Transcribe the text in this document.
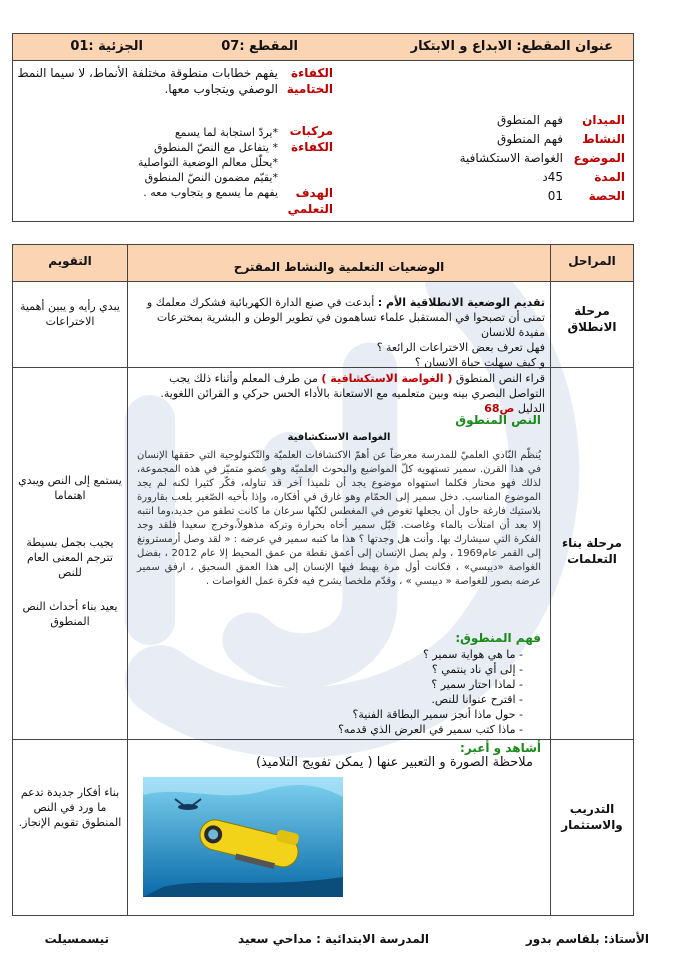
عنوان المقطع: الابداع و الابتكار
المقطع :07
الجزئية :01
الكفاءة الختامية
يفهم خطابات منطوقة مختلفة الأنماط، لا سيما النمط الوصفي ويتجاوب معها.
الميدانفهم المنطوق
النشاطفهم المنطوق
الموضوعالغواصة الاستكشافية
المدة45د
الحصة01
مركبات الكفاءة
*يردّ استجابة لما يسمع
* يتفاعل مع النصّ المنطوق
*يحلّل معالم الوضعية التواصلية
*يقيّم مضمون النصّ المنطوق
يفهم ما يسمع و يتجاوب معه .	الهدف التعلمي
المراحل
الوضعيات التعلمية والنشاط المقترح
التقويم
مرحلة الانطلاق
تقديم الوضعية الانطلاقية الأم : أبدعت في صنع الدارة الكهربائية فشكرك معلمك و تمنى أن تصبحوا في المستقبل علماء تساهمون في تطوير الوطن و البشرية بمخترعات مفيدة للانسان
فهل تعرف بعض الاختراعات الرائعة ؟
و كيف سهلت حياة الانسان ؟
يبدي رأيه و يبين أهمية الاختراعات
مرحلة بناء التعلمات
قراء النص المنطوق ( الغواصة الاستكشافية ) من طرف المعلم وأثناء ذلك يجب التواصل البصري بينه وبين متعلميه مع الاستعانة بالأداء الحس حركي و القرائن اللغوية.
الدليل ص68
النص المنطوق
الغواصة الاستكشافية
يُنظّم النّادي العلميّ للمدرسة معرضاً عن أهمّ الاكتشافات العلميّة والتّكنولوجية التي حققها الإنسان في هذا القرن. سمير تستهويه كلّ المواضيع والبحوث العلميّة وهو عضو متميّز في هذه المجموعة، لذلك فهو محتار فكلما استهواه موضوع يجد أن تلميذا آخر قد تناوله، فكّر كثيرا لكنه لم يجد الموضوع المناسب. دخل سمير إلى الحمّام وهو غارق في أفكاره، وإذا بأخيه الصّغير يلعب بقارورة بلاستيك فارغة حاول أن يجعلها تغوص في المغطس لكنّها سرعان ما كانت تطفو من جديد،وما انتبه إلا بعد أن امتلأت بالماء وغاصت. قبّل سمير أخاه بحرارة وتركه مذهولاً،وخرج سعيدا فلقد وجد الفكرة التي سيشارك بها. وأنت هل وجدتها ؟ هذا ما كتبه سمير في عرضه : « لقد وصل أرمسترونغ إلى القمر عام1969 ، ولم يصل الإنسان إلى أعمق نقطة من عمق المحيط إلا عام 2012 ، بفضل الغواصة «ديبسي» ، فكانت أول مرة يهبط فيها الإنسان إلى هذا العمق السحيق ، ارفق سمير عرضه بصور للغواصة « ديبسي » ، وقدّم ملخصا يشرح فيه فكرة عمل الغواصات .
فهم المنطوق:
- ما هي هواية سمير ؟
- إلى أي ناد ينتمي ؟
- لماذا احتار سمير ؟
- اقترح عنوانا للنص.
- حول ماذا أنجز سمير البطاقة الفنية؟
- ماذا كتب سمير في العرض الذي قدمه؟
يستمع إلى النص ويبدي اهتماما
يجيب بجمل بسيطة تترجم المعنى العام للنص
يعيد بناء أحداث النص المنطوق
التدريب والاستثمار
أشاهد و أعبر:
ملاحظة الصورة و التعبير عنها ( يمكن تفويج التلاميذ)
بناء أفكار جديدة تدعم ما ورد في النص المنطوق تقويم الإنجاز.
الأستاذ: بلقاسم بدور
المدرسة الابتدائية : مداحي سعيد
تيسمسيلت
